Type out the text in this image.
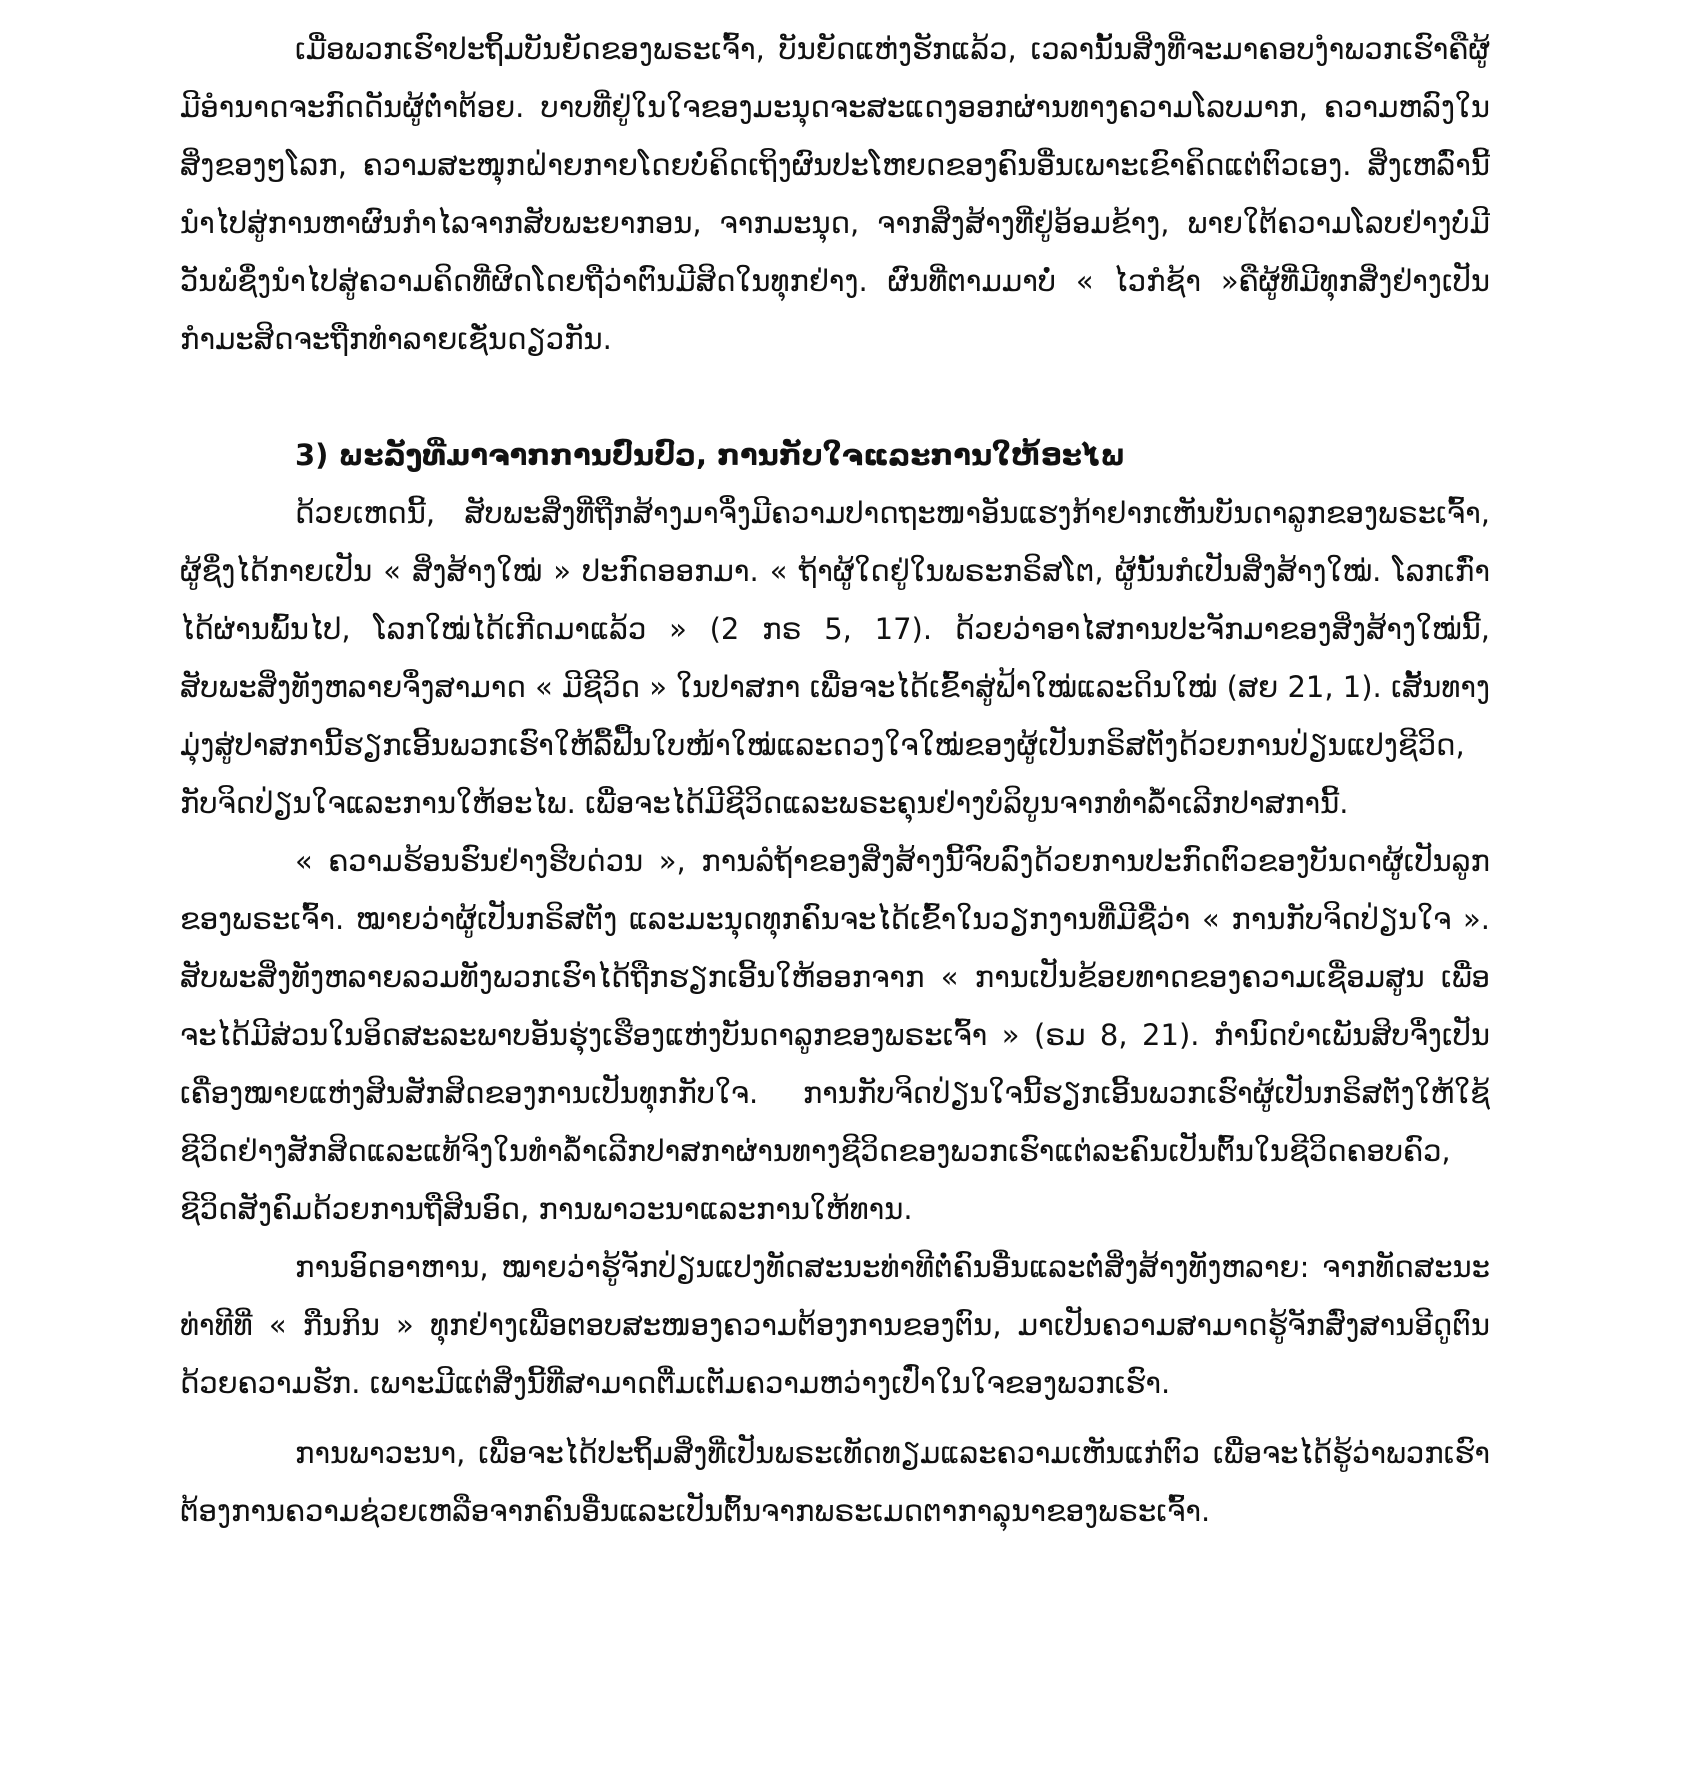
ເມື່ອພວກເຮົາປະຖິ້ມບັນຍັດຂອງພຣະເຈົ້າ, ບັນຍັດແຫ່ງຮັກແລ້ວ, ເວລານັ້ນສິ່ງທີ່ຈະມາຄອບງໍາພວກເຮົາຄືຜູ້ມີອໍານາດຈະກົດດັນຜູ້ຕໍ່າຕ້ອຍ. ບາບທີ່ຢູ່ໃນໃຈຂອງມະນຸດຈະສະແດງອອກຜ່ານທາງຄວາມໂລບມາກ, ຄວາມຫລົງໃນສິ່ງຂອງໆໂລກ, ຄວາມສະໜຸກຝ່າຍກາຍໂດຍບໍ່ຄິດເຖິງຜົນປະໂຫຍດຂອງຄົນອື່ນເພາະເຂົາຄິດແຕ່ຕົວເອງ. ສິ່ງເຫລົ່ານີ້ນໍາໄປສູ່ການຫາຜົນກໍາໄລຈາກສັບພະຍາກອນ, ຈາກມະນຸດ, ຈາກສິ່ງສ້າງທີ່ຢູ່ອ້ອມຂ້າງ, ພາຍໃຕ້ຄວາມໂລບຢ່າງບໍ່ມີວັນພໍຊຶ່ງນໍາໄປສູ່ຄວາມຄິດທີ່ຜິດໂດຍຖືວ່າຕົນມີສິດໃນທຸກຢ່າງ. ຜົນທີ່ຕາມມາບໍ່ « ໄວກໍຊ້າ »ຄືຜູ້ທີ່ມີທຸກສິ່ງຢ່າງເປັນກໍາມະສິດຈະຖືກທໍາລາຍເຊັ່ນດຽວກັນ.

3) ພະລັງທີ່ມາຈາກການປົ່ນປົວ, ການກັບໃຈແລະການໃຫ້ອະໄພ

ດ້ວຍເຫດນີ້, ສັບພະສິ່ງທີ່ຖືກສ້າງມາຈຶ່ງມີຄວາມປາດຖະໜາອັນແຮງກ້າຢາກເຫັນບັນດາລູກຂອງພຣະເຈົ້າ, ຜູ້ຊຶ່ງໄດ້ກາຍເປັນ « ສິ່ງສ້າງໃໝ່ » ປະກົດອອກມາ. « ຖ້າຜູ້ໃດຢູ່ໃນພຣະກຣິສໂຕ, ຜູ້ນັ້ນກໍເປັນສິ່ງສ້າງໃໝ່. ໂລກເກົ່າໄດ້ຜ່ານພົ້ນໄປ, ໂລກໃໝ່ໄດ້ເກີດມາແລ້ວ » (2 ກຣ 5, 17). ດ້ວຍວ່າອາໄສການປະຈັກມາຂອງສິ່ງສ້າງໃໝ່ນີ້, ສັບພະສິ່ງທັງຫລາຍຈຶ່ງສາມາດ « ມີຊີວິດ » ໃນປາສກາ ເພື່ອຈະໄດ້ເຂົ້າສູ່ຟ້າໃໝ່ແລະດິນໃໝ່ (ສຍ 21, 1). ເສັ້ນທາງມຸ່ງສູ່ປາສການີ້ຮຽກເອີ້ນພວກເຮົາໃຫ້ລື້ຟື້ນໃບໜ້າໃໝ່ແລະດວງໃຈໃໝ່ຂອງຜູ້ເປັນກຣິສຕັງດ້ວຍການປ່ຽນແປງຊີວິດ, ກັບຈິດປ່ຽນໃຈແລະການໃຫ້ອະໄພ. ເພື່ອຈະໄດ້ມີຊີວິດແລະພຣະຄຸນຢ່າງບໍລິບູນຈາກທໍາລໍ້າເລີກປາສການີ້.

« ຄວາມຮ້ອນຮົນຢ່າງຮີບດ່ວນ », ການລໍຖ້າຂອງສິ່ງສ້າງນີ້ຈົບລົງດ້ວຍການປະກົດຕົວຂອງບັນດາຜູ້ເປັນລູກຂອງພຣະເຈົ້າ. ໝາຍວ່າຜູ້ເປັນກຣິສຕັງ ແລະມະນຸດທຸກຄົນຈະໄດ້ເຂົ້າໃນວຽກງານທີ່ມີຊື່ວ່າ « ການກັບຈິດປ່ຽນໃຈ ». ສັບພະສິ່ງທັງຫລາຍລວມທັງພວກເຮົາໄດ້ຖືກຮຽກເອີ້ນໃຫ້ອອກຈາກ « ການເປັນຂ້ອຍທາດຂອງຄວາມເຊື່ອມສູນ ເພື່ອຈະໄດ້ມີສ່ວນໃນອິດສະລະພາບອັນຮຸ່ງເຮືອງແຫ່ງບັນດາລູກຂອງພຣະເຈົ້າ » (ຣມ 8, 21). ກໍານົດບໍາເພັນສິບຈຶ່ງເປັນເຄື່ອງໝາຍແຫ່ງສິນສັກສິດຂອງການເປັນທຸກກັບໃຈ. ການກັບຈິດປ່ຽນໃຈນີ້ຮຽກເອີ້ນພວກເຮົາຜູ້ເປັນກຣິສຕັງໃຫ້ໃຊ້ຊີວິດຢ່າງສັກສິດແລະແທ້ຈິງໃນທໍາລໍ້າເລີກປາສກາຜ່ານທາງຊີວິດຂອງພວກເຮົາແຕ່ລະຄົນເປັນຕົ້ນໃນຊີວິດຄອບຄົວ, ຊີວິດສັງຄົມດ້ວຍການຖືສິນອົດ, ການພາວະນາແລະການໃຫ້ທານ.

ການອົດອາຫານ, ໝາຍວ່າຮູ້ຈັກປ່ຽນແປງທັດສະນະທ່າທີຕໍ່ຄົນອື່ນແລະຕໍ່ສິ່ງສ້າງທັງຫລາຍ: ຈາກທັດສະນະທ່າທີທີ່ « ກືນກິນ » ທຸກຢ່າງເພື່ອຕອບສະໜອງຄວາມຕ້ອງການຂອງຕົນ, ມາເປັນຄວາມສາມາດຮູ້ຈັກສົ່ງສານອີດູຕົນດ້ວຍຄວາມຮັກ. ເພາະມີແຕ່ສິ່ງນີ້ທີ່ສາມາດຕື່ມເຕັມຄວາມຫວ່າງເປົ່າໃນໃຈຂອງພວກເຮົາ.

ການພາວະນາ, ເພື່ອຈະໄດ້ປະຖິ້ມສິ່ງທີ່ເປັນພຣະເທັດທຽມແລະຄວາມເຫັນແກ່ຕົວ ເພື່ອຈະໄດ້ຮູ້ວ່າພວກເຮົາຕ້ອງການຄວາມຊ່ວຍເຫລືອຈາກຄົນອື່ນແລະເປັນຕົ້ນຈາກພຣະເມດຕາກາລຸນາຂອງພຣະເຈົ້າ.
